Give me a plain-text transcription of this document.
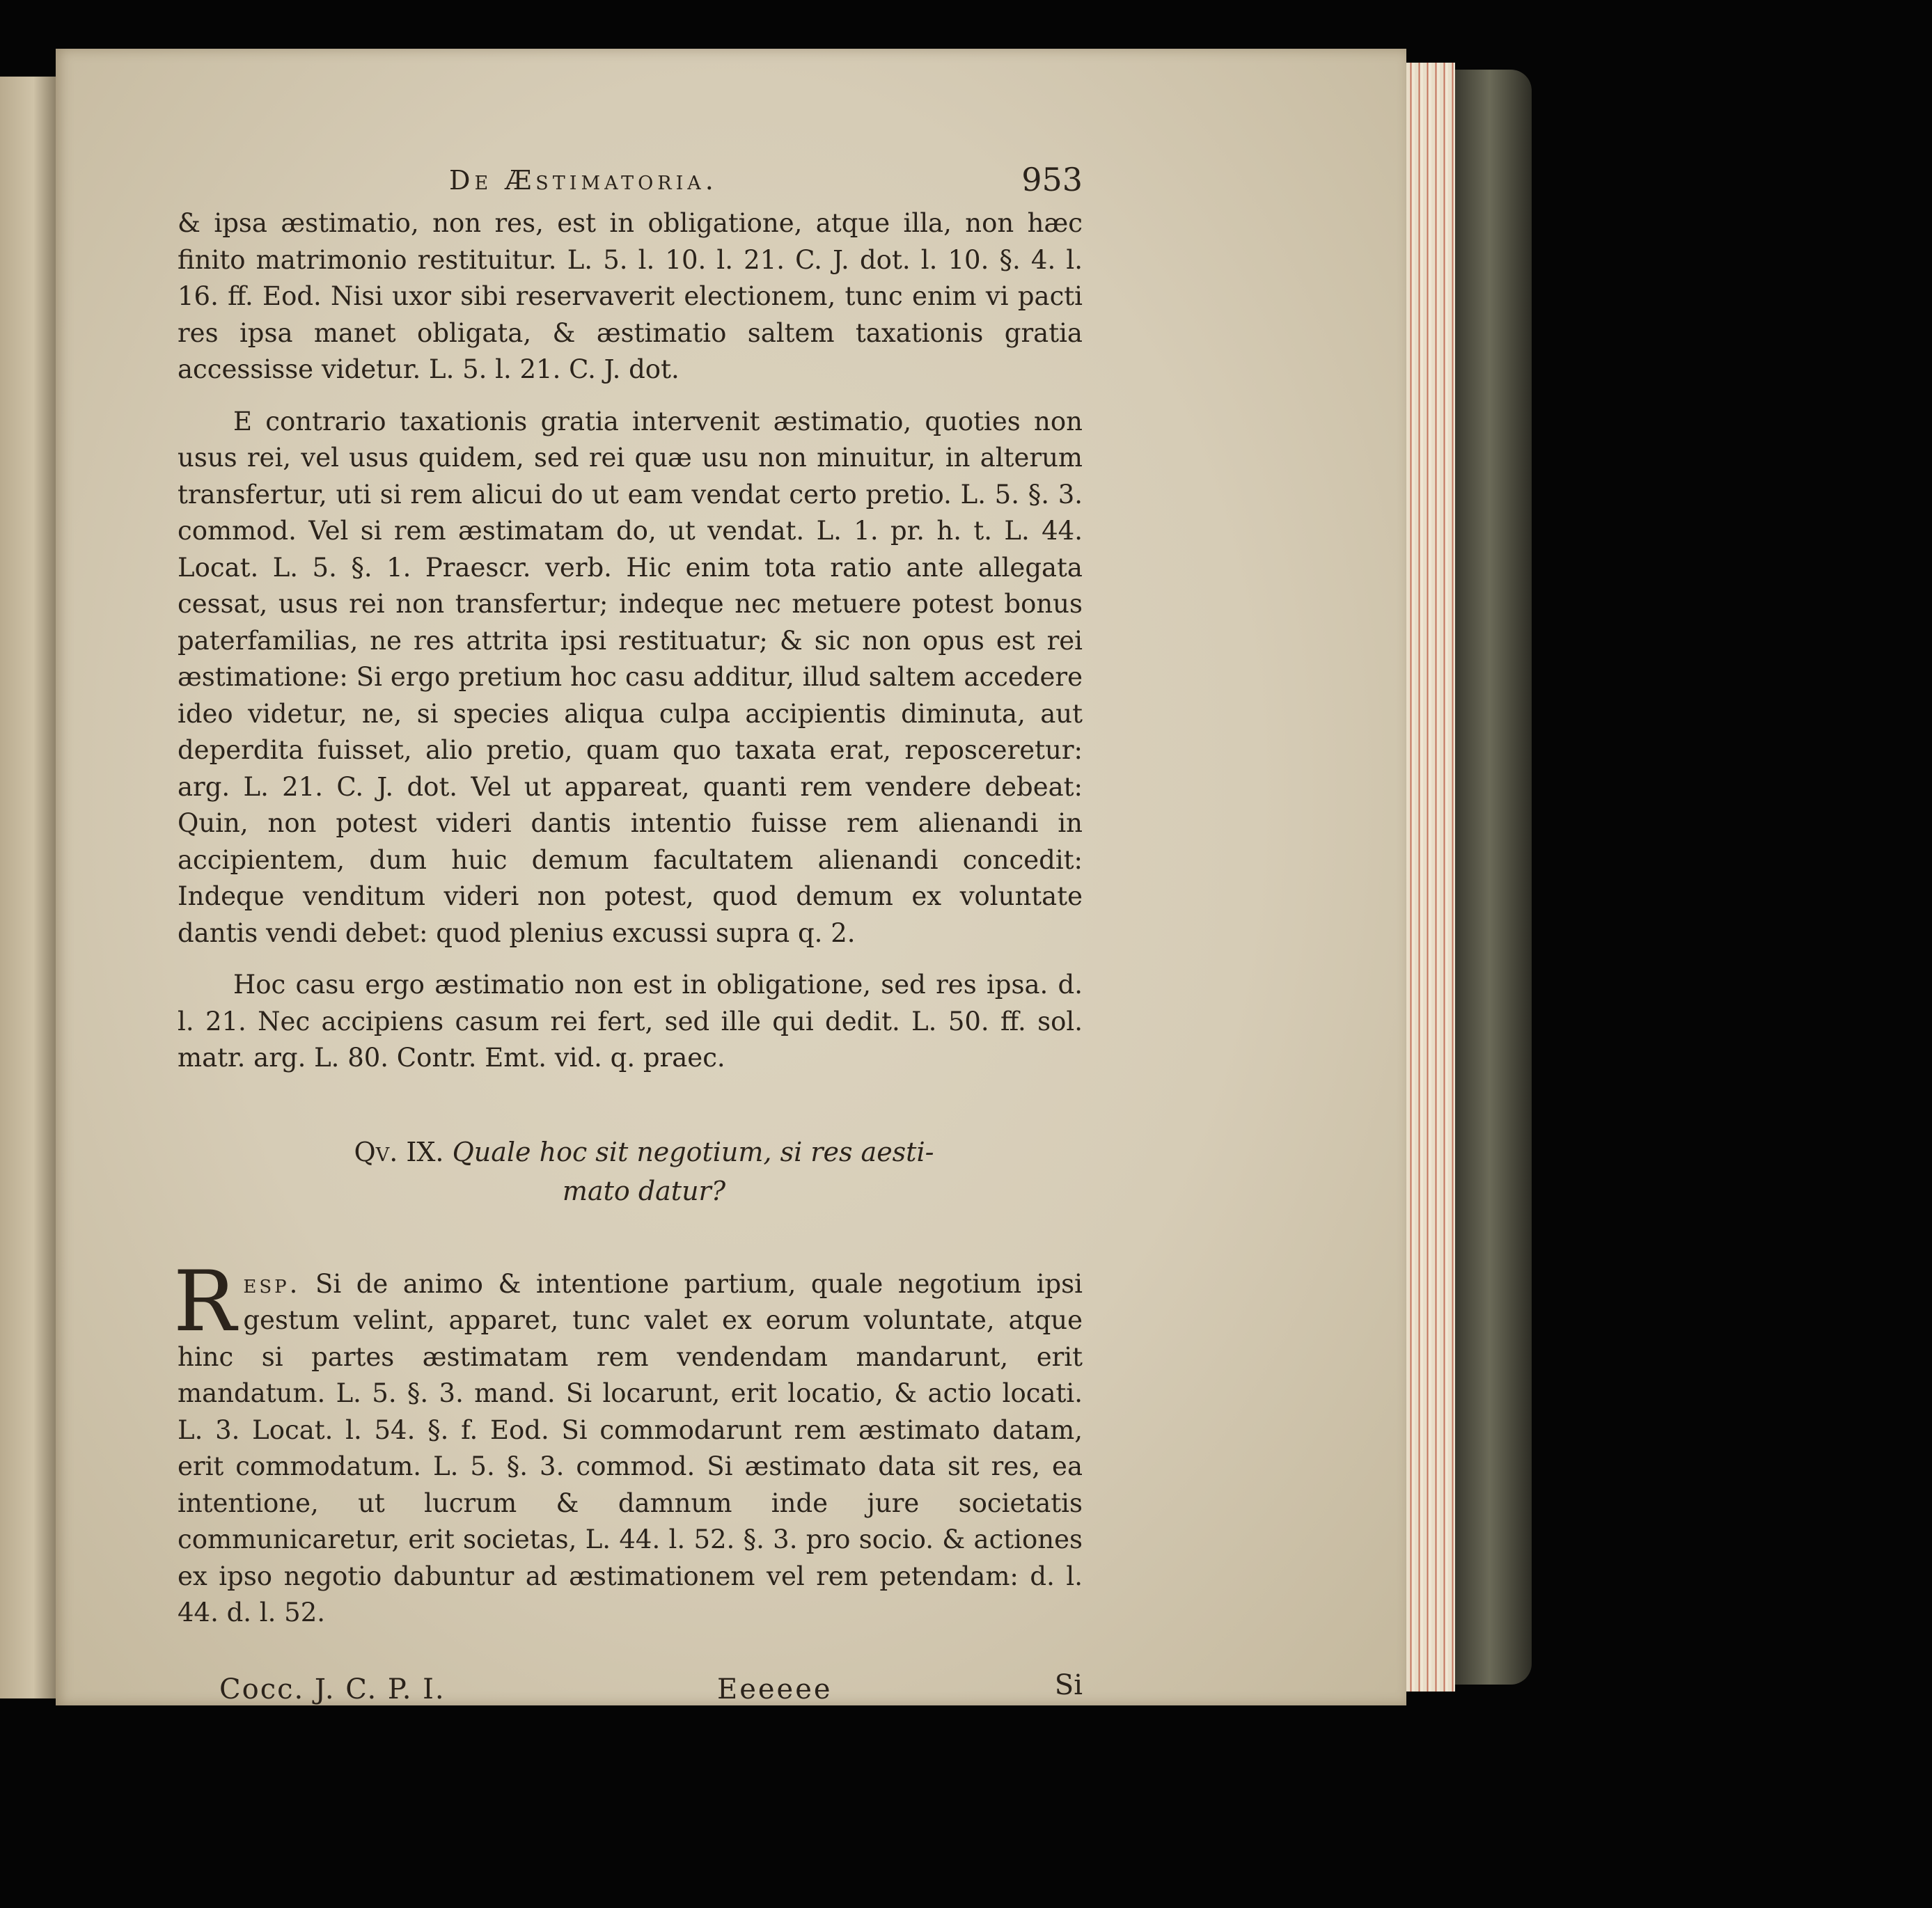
De Æstimatoria.	953

& ipsa æstimatio, non res, est in obligatione, atque illa, non hæc finito matrimonio restituitur. L. 5. l. 10. l. 21. C. J. dot. l. 10. §. 4. l. 16. ff. Eod. Nisi uxor sibi reservaverit electionem, tunc enim vi pacti res ipsa manet obligata, & æstimatio saltem taxationis gratia accessisse videtur. L. 5. l. 21. C. J. dot.

E contrario taxationis gratia intervenit æstimatio, quoties non usus rei, vel usus quidem, sed rei quæ usu non minuitur, in alterum transfertur, uti si rem alicui do ut eam vendat certo pretio. L. 5. §. 3. commod. Vel si rem æstimatam do, ut vendat. L. 1. pr. h. t. L. 44. Locat. L. 5. §. 1. Praescr. verb. Hic enim tota ratio ante allegata cessat, usus rei non transfertur; indeque nec metuere potest bonus paterfamilias, ne res attrita ipsi restituatur; & sic non opus est rei æstimatione: Si ergo pretium hoc casu additur, illud saltem accedere ideo videtur, ne, si species aliqua culpa accipientis diminuta, aut deperdita fuisset, alio pretio, quam quo taxata erat, reposceretur: arg. L. 21. C. J. dot. Vel ut appareat, quanti rem vendere debeat: Quin, non potest videri dantis intentio fuisse rem alienandi in accipientem, dum huic demum facultatem alienandi concedit: Indeque venditum videri non potest, quod demum ex voluntate dantis vendi debet: quod plenius excussi supra q. 2.

Hoc casu ergo æstimatio non est in obligatione, sed res ipsa. d. l. 21. Nec accipiens casum rei fert, sed ille qui dedit. L. 50. ff. sol. matr. arg. L. 80. Contr. Emt. vid. q. praec.

Qv. IX. Quale hoc sit negotium, si res aesti-
mato datur?

Resp. Si de animo & intentione partium, quale negotium ipsi gestum velint, apparet, tunc valet ex eorum voluntate, atque hinc si partes æstimatam rem vendendam mandarunt, erit mandatum. L. 5. §. 3. mand. Si locarunt, erit locatio, & actio locati. L. 3. Locat. l. 54. §. f. Eod. Si commodarunt rem æstimato datam, erit commodatum. L. 5. §. 3. commod. Si æstimato data sit res, ea intentione, ut lucrum & damnum inde jure societatis communicaretur, erit societas, L. 44. l. 52. §. 3. pro socio. & actiones ex ipso negotio dabuntur ad æstimationem vel rem petendam: d. l. 44. d. l. 52.

Cocc. J. C. P. I.	Eeeeee	Si
